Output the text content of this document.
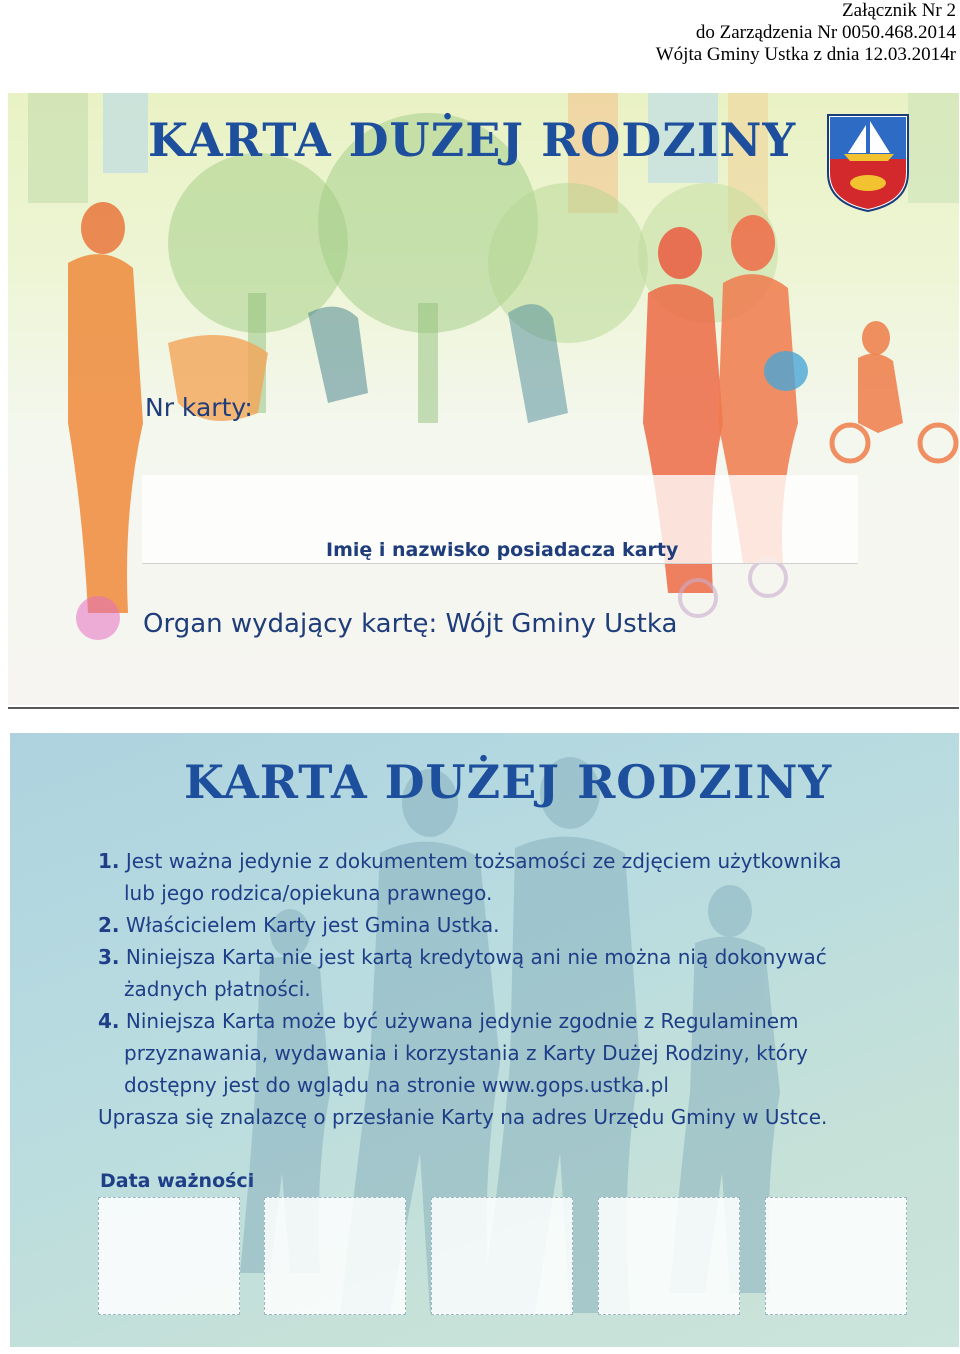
Załącznik Nr 2
do Zarządzenia Nr 0050.468.2014
Wójta Gminy Ustka z dnia 12.03.2014r
KARTA DUŻEJ RODZINY
Nr karty:
Imię i nazwisko posiadacza karty
Organ wydający kartę: Wójt Gminy Ustka
KARTA DUŻEJ RODZINY
1. Jest ważna jedynie z dokumentem tożsamości ze zdjęciem użytkownika
lub jego rodzica/opiekuna prawnego.
2. Właścicielem Karty jest Gmina Ustka.
3. Niniejsza Karta nie jest kartą kredytową ani nie można nią dokonywać
żadnych płatności.
4. Niniejsza Karta może być używana jedynie zgodnie z Regulaminem
przyznawania, wydawania i korzystania z Karty Dużej Rodziny, który
dostępny jest do wglądu na stronie www.gops.ustka.pl
Uprasza się znalazcę o przesłanie Karty na adres Urzędu Gminy w Ustce.
Data ważności
